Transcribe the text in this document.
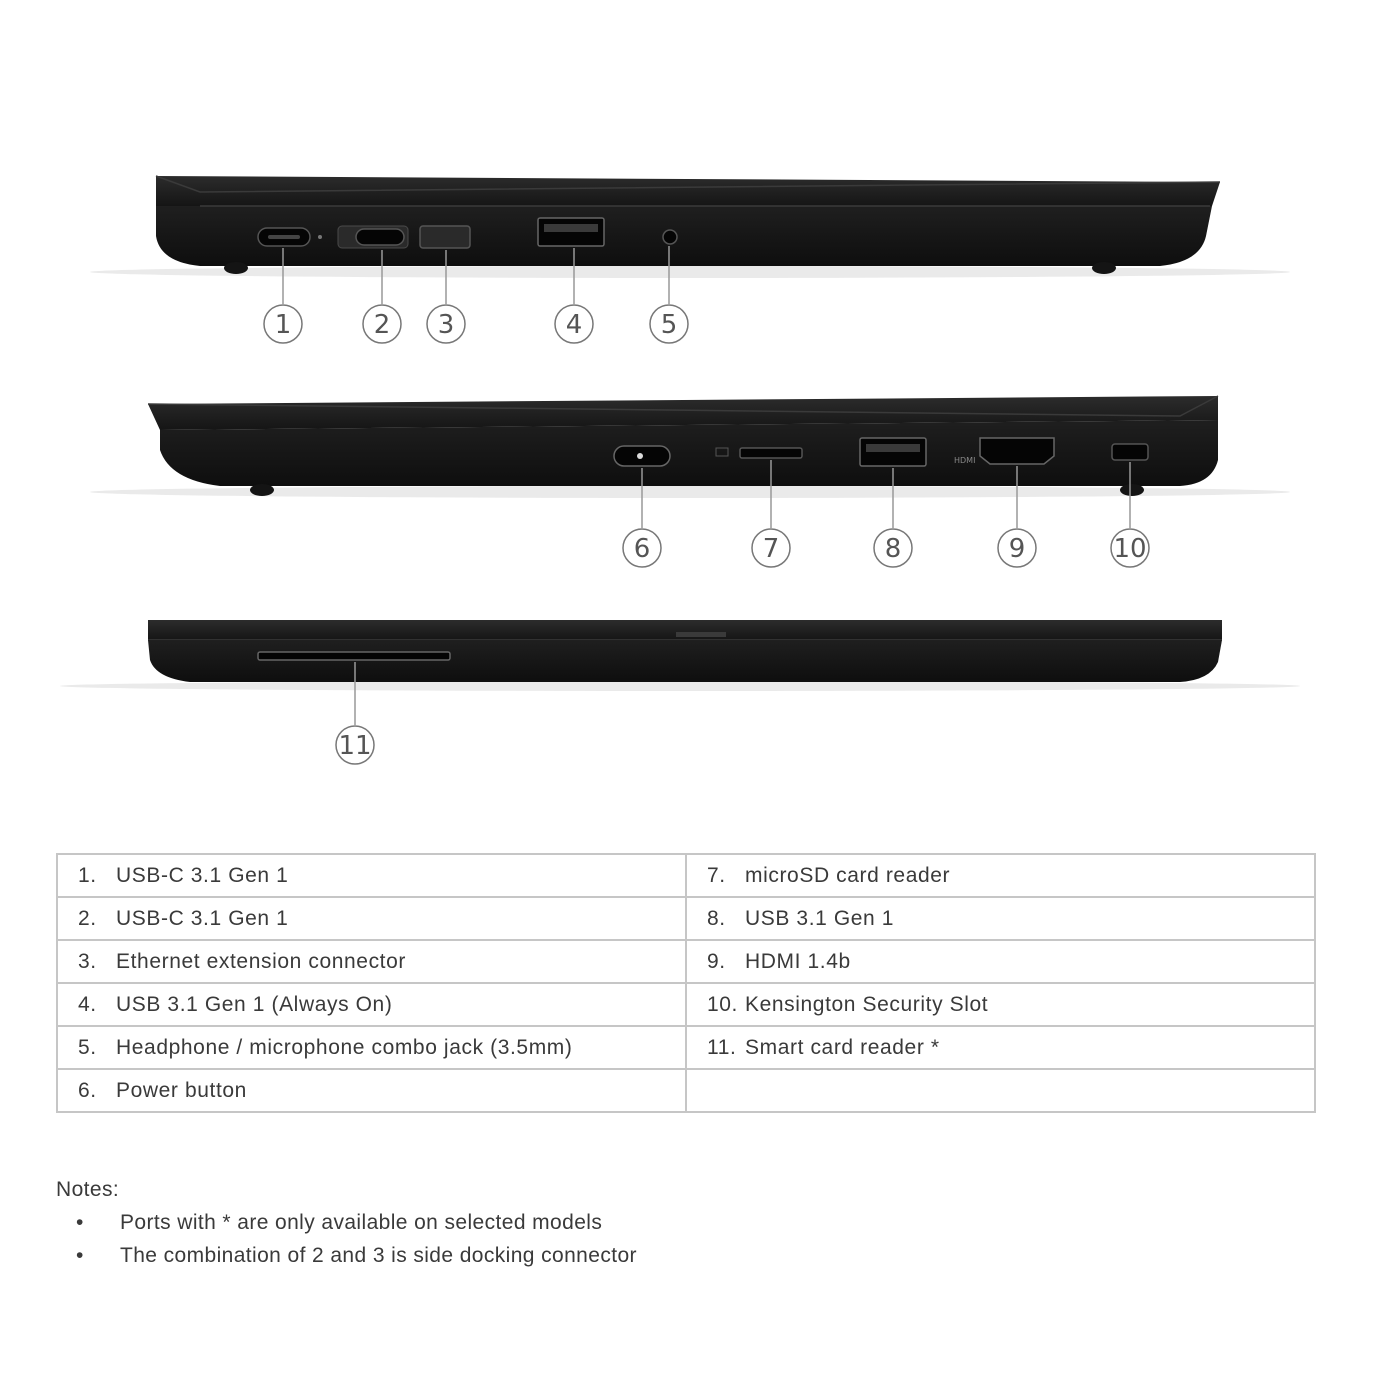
HDMI
1	2 3	4	5
6	7	8	9	10
11
1. USB-C 3.1 Gen 1	7. microSD card reader
2. USB-C 3.1 Gen 1	8. USB 3.1 Gen 1
3. Ethernet extension connector	9. HDMI 1.4b
4. USB 3.1 Gen 1 (Always On)	10. Kensington Security Slot
5. Headphone / microphone combo jack (3.5mm)	11. Smart card reader *
6. Power button	
Notes:
• Ports with * are only available on selected models
• The combination of 2 and 3 is side docking connector
